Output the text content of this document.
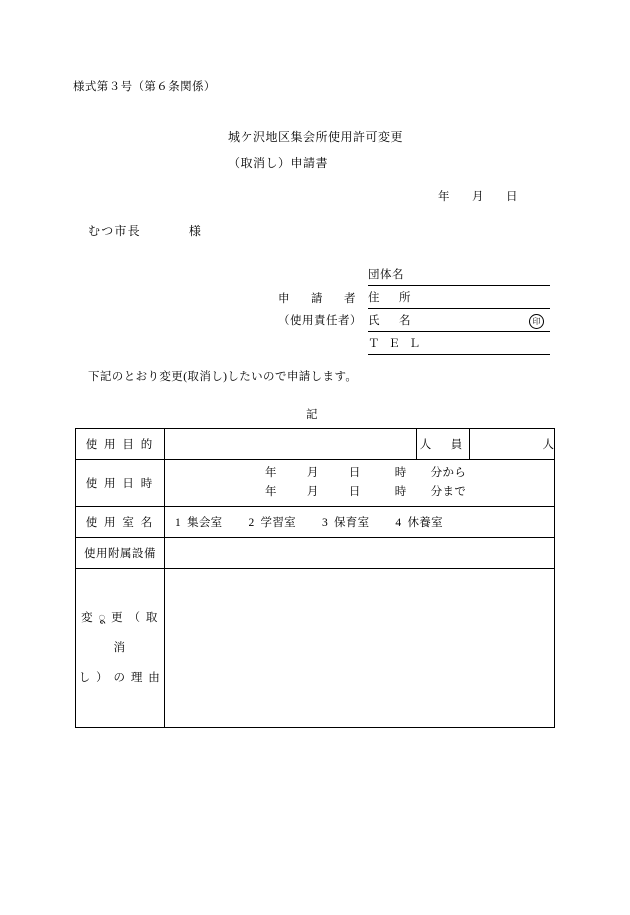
様式第３号（第６条関係）
城ケ沢地区集会所使用許可変更
（取消し）申請書
年 月 日
むつ市長	様
申　請　者
（使用責任者）
団体名
住　所
氏　名	印
Ｔ Ｅ Ｌ
下記のとおり変更(取消し)したいので申請します。
記
使 用 目 的		人　員	人
使 用 日 時	年 月 日 時 分から
年 月 日 時 分まで		

使 用 室 名	1 集会室 2 学習室 3 保育室 4 休養室		

使用附属設備			

変 ू 更 （ 取 消
し ） の 理 由			
